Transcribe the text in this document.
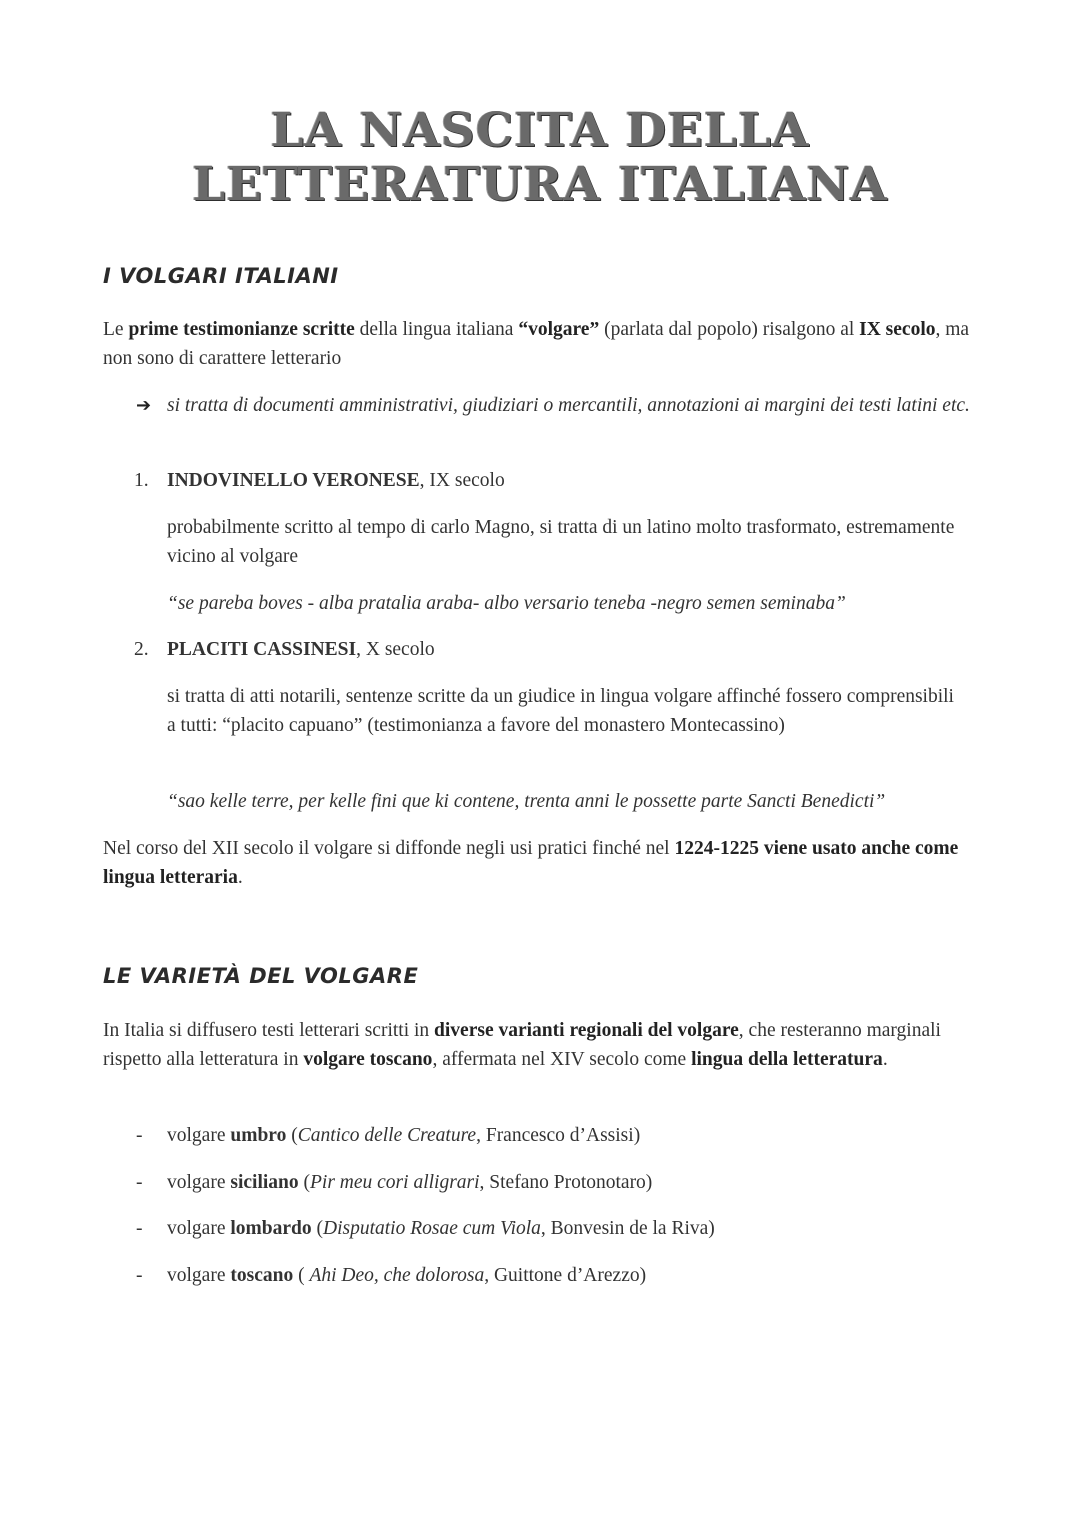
LA NASCITA DELLA
LETTERATURA ITALIANA
I VOLGARI ITALIANI
Le prime testimonianze scritte della lingua italiana “volgare” (parlata dal popolo) risalgono al IX secolo, ma non sono di carattere letterario
➔ si tratta di documenti amministrativi, giudiziari o mercantili, annotazioni ai margini dei testi latini etc.
1. INDOVINELLO VERONESE, IX secolo
probabilmente scritto al tempo di carlo Magno, si tratta di un latino molto trasformato, estremamente vicino al volgare
“se pareba boves - alba pratalia araba- albo versario teneba -negro semen seminaba”
2. PLACITI CASSINESI, X secolo
si tratta di atti notarili, sentenze scritte da un giudice in lingua volgare affinché fossero comprensibili a tutti: “placito capuano” (testimonianza a favore del monastero Montecassino)
“sao kelle terre, per kelle fini que ki contene, trenta anni le possette parte Sancti Benedicti”
Nel corso del XII secolo il volgare si diffonde negli usi pratici finché nel 1224-1225 viene usato anche come lingua letteraria.
LE VARIETÀ DEL VOLGARE
In Italia si diffusero testi letterari scritti in diverse varianti regionali del volgare, che resteranno marginali rispetto alla letteratura in volgare toscano, affermata nel XIV secolo come lingua della letteratura.
- volgare umbro (Cantico delle Creature, Francesco d’Assisi)
- volgare siciliano (Pir meu cori alligrari, Stefano Protonotaro)
- volgare lombardo (Disputatio Rosae cum Viola, Bonvesin de la Riva)
- volgare toscano ( Ahi Deo, che dolorosa, Guittone d’Arezzo)
